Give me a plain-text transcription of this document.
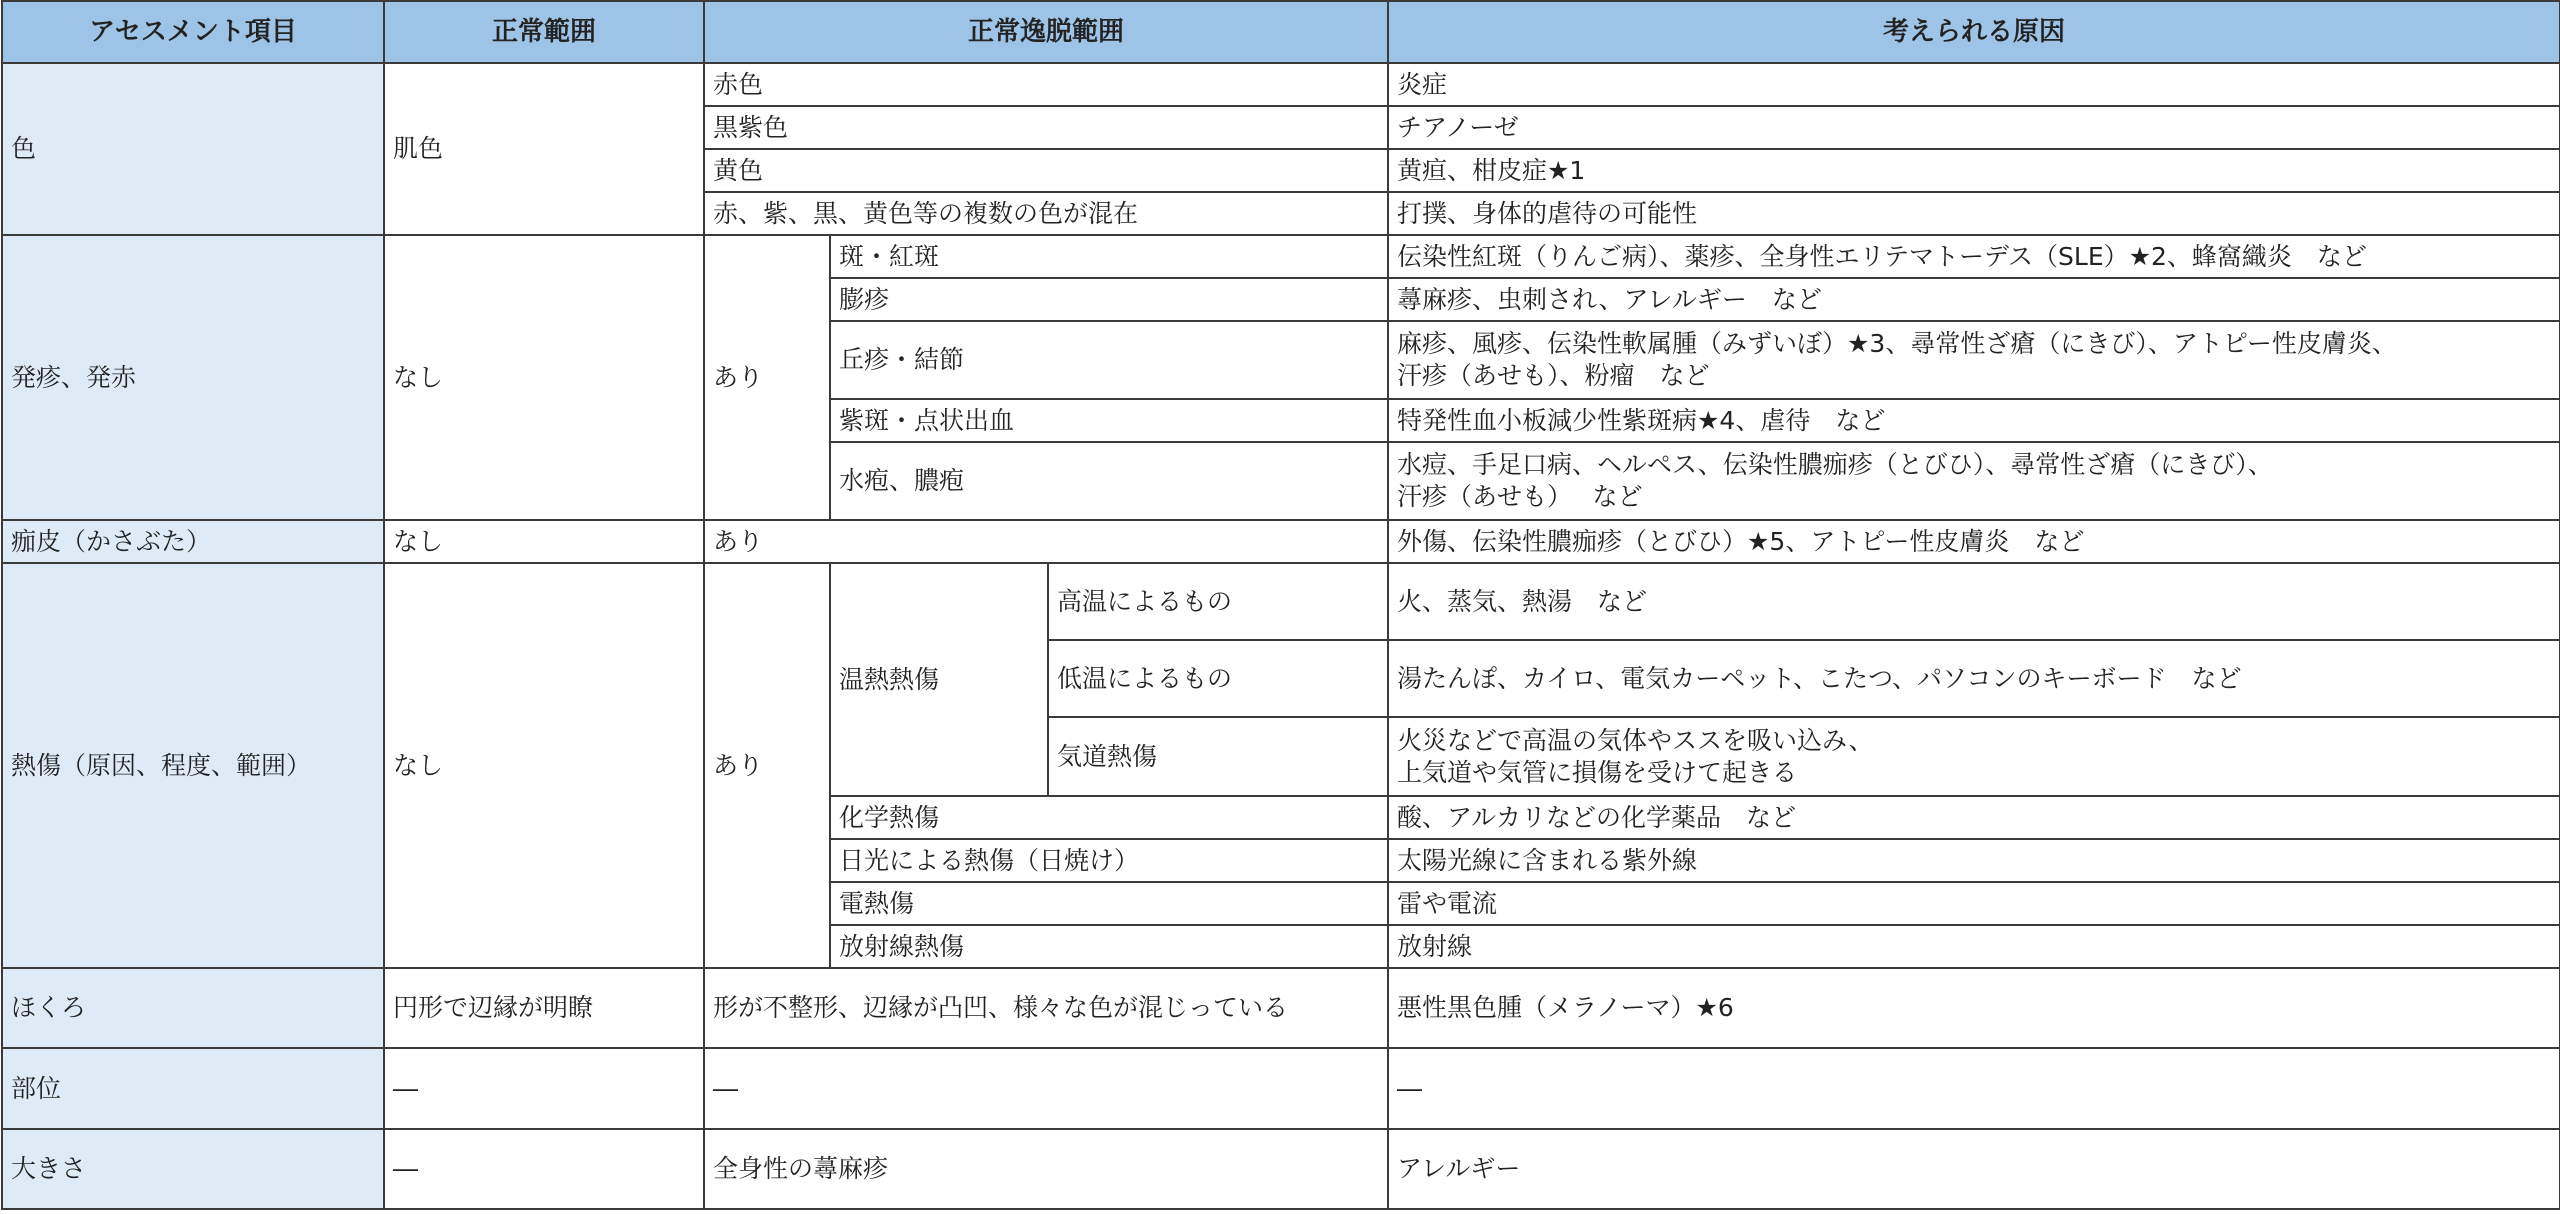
アセスメント項目	正常範囲	正常逸脱範囲			考えられる原因
色	肌色	赤色			炎症
		黒紫色			チアノーゼ
		黄色			黄疸、柑皮症★1
		赤、紫、黒、黄色等の複数の色が混在			打撲、身体的虐待の可能性
発疹、発赤	なし	あり	斑・紅斑		伝染性紅斑（りんご病）、薬疹、全身性エリテマトーデス（SLE）★2、蜂窩織炎　など
			膨疹		蕁麻疹、虫刺され、アレルギー　など
			丘疹・結節		麻疹、風疹、伝染性軟属腫（みずいぼ）★3、尋常性ざ瘡（にきび）、アトピー性皮膚炎、
汗疹（あせも）、粉瘤　など

			紫斑・点状出血		特発性血小板減少性紫斑病★4、虐待　など
			水疱、膿疱		水痘、手足口病、ヘルペス、伝染性膿痂疹（とびひ）、尋常性ざ瘡（にきび）、
汗疹（あせも）　 など

痂皮（かさぶた）	なし	あり			外傷、伝染性膿痂疹（とびひ）★5、アトピー性皮膚炎　など
熱傷（原因、程度、範囲）	なし	あり	温熱熱傷	高温によるもの	火、蒸気、熱湯　など
				低温によるもの	湯たんぽ、カイロ、電気カーペット、こたつ、パソコンのキーボード　など
				気道熱傷	火災などで高温の気体やススを吸い込み、
上気道や気管に損傷を受けて起きる

			化学熱傷		酸、アルカリなどの化学薬品　など
			日光による熱傷（日焼け）		太陽光線に含まれる紫外線
			電熱傷		雷や電流
			放射線熱傷		放射線
ほくろ	円形で辺縁が明瞭	形が不整形、辺縁が凸凹、様々な色が混じっている			悪性黒色腫（メラノーマ）★6
部位	―	―			―
大きさ	―	全身性の蕁麻疹			アレルギー
